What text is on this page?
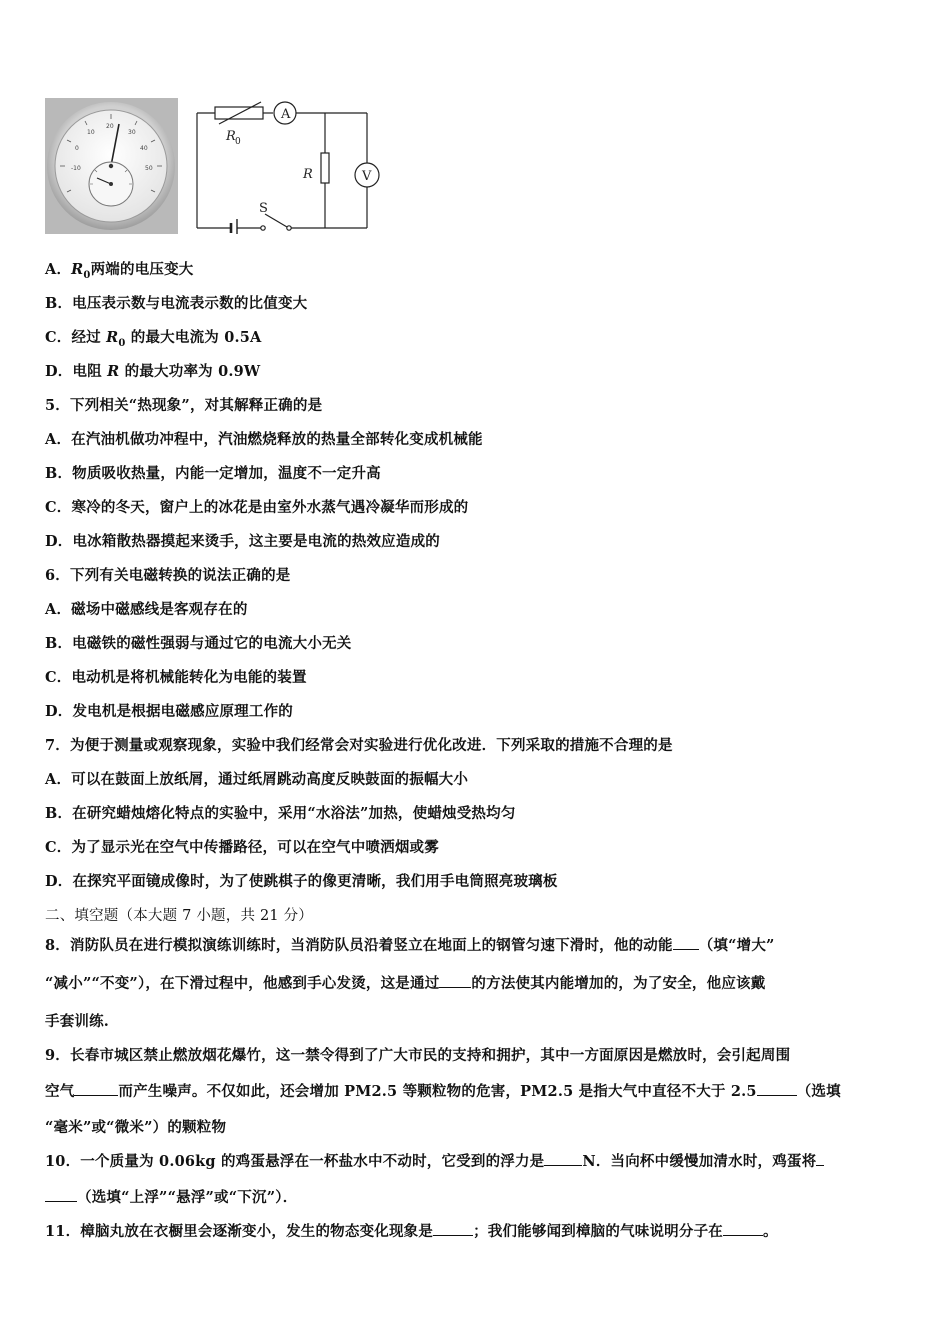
20
10	30
0	40
-10	50
A
V
R 0
R
S
A．$R_0$两端的电压变大
B．电压表示数与电流表示数的比值变大
C．经过 $R_0$ 的最大电流为 0.5A
D．电阻 R 的最大功率为 0.9W
5．下列相关“热现象”，对其解释正确的是
A．在汽油机做功冲程中，汽油燃烧释放的热量全部转化变成机械能
B．物质吸收热量，内能一定增加，温度不一定升高
C．寒冷的冬天，窗户上的冰花是由室外水蒸气遇冷凝华而形成的
D．电冰箱散热器摸起来烫手，这主要是电流的热效应造成的
6．下列有关电磁转换的说法正确的是
A．磁场中磁感线是客观存在的
B．电磁铁的磁性强弱与通过它的电流大小无关
C．电动机是将机械能转化为电能的装置
D．发电机是根据电磁感应原理工作的
7．为便于测量或观察现象，实验中我们经常会对实验进行优化改进．下列采取的措施不合理的是
A．可以在鼓面上放纸屑，通过纸屑跳动高度反映鼓面的振幅大小
B．在研究蜡烛熔化特点的实验中，采用“水浴法”加热，使蜡烛受热均匀
C．为了显示光在空气中传播路径，可以在空气中喷洒烟或雾
D．在探究平面镜成像时，为了使跳棋子的像更清晰，我们用手电筒照亮玻璃板
二、填空题（本大题 7 小题，共 21 分）
8．消防队员在进行模拟演练训练时，当消防队员沿着竖立在地面上的钢管匀速下滑时，他的动能 （填“增大”
“减小”“不变”），在下滑过程中，他感到手心发烫，这是通过 的方法使其内能增加的，为了安全，他应该戴
手套训练.
9．长春市城区禁止燃放烟花爆竹，这一禁令得到了广大市民的支持和拥护，其中一方面原因是燃放时，会引起周围
空气	而产生噪声。不仅如此，还会增加 PM2.5 等颗粒物的危害，PM2.5 是指大气中直径不大于 2.5	（选填
“毫米”或“微米”）的颗粒物
10．一个质量为 0.06kg 的鸡蛋悬浮在一杯盐水中不动时，它受到的浮力是	N．当向杯中缓慢加清水时，鸡蛋将
（选填“上浮”“悬浮”或“下沉”）．
11．樟脑丸放在衣橱里会逐渐变小，发生的物态变化现象是	；我们能够闻到樟脑的气味说明分子在	。
